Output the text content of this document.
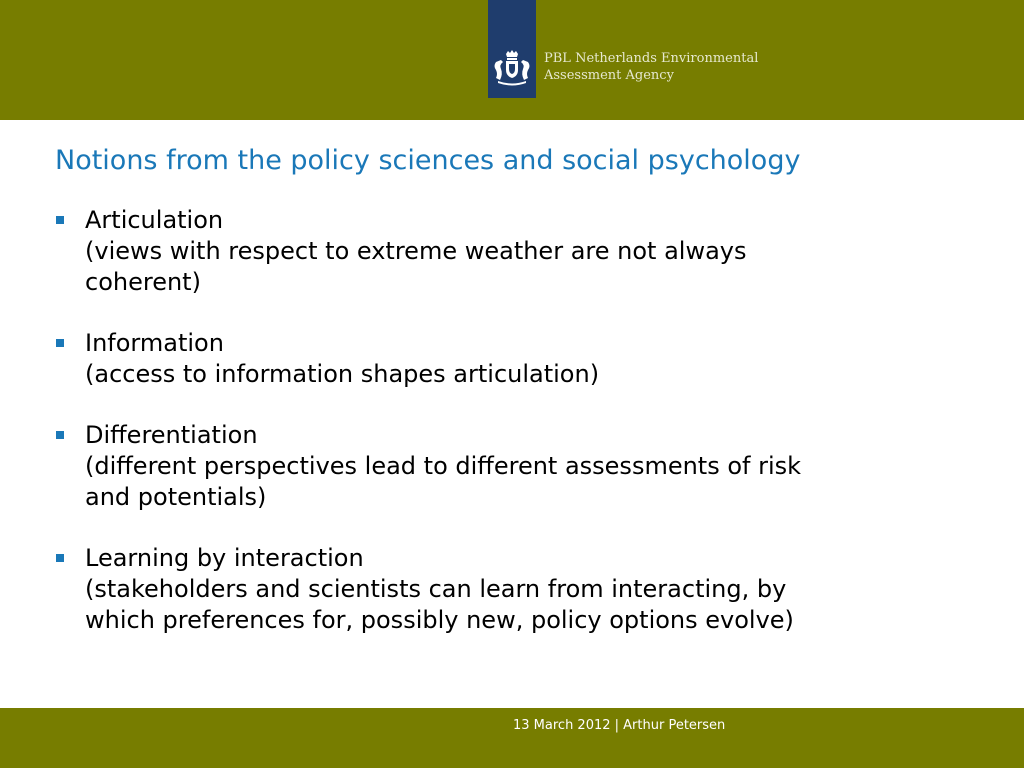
PBL Netherlands Environmental
Assessment Agency
Notions from the policy sciences and social psychology
Articulation
(views with respect to extreme weather are not always
coherent)
Information
(access to information shapes articulation)
Differentiation
(different perspectives lead to different assessments of risk
and potentials)
Learning by interaction
(stakeholders and scientists can learn from interacting, by
which preferences for, possibly new, policy options evolve)
13 March 2012 | Arthur Petersen
